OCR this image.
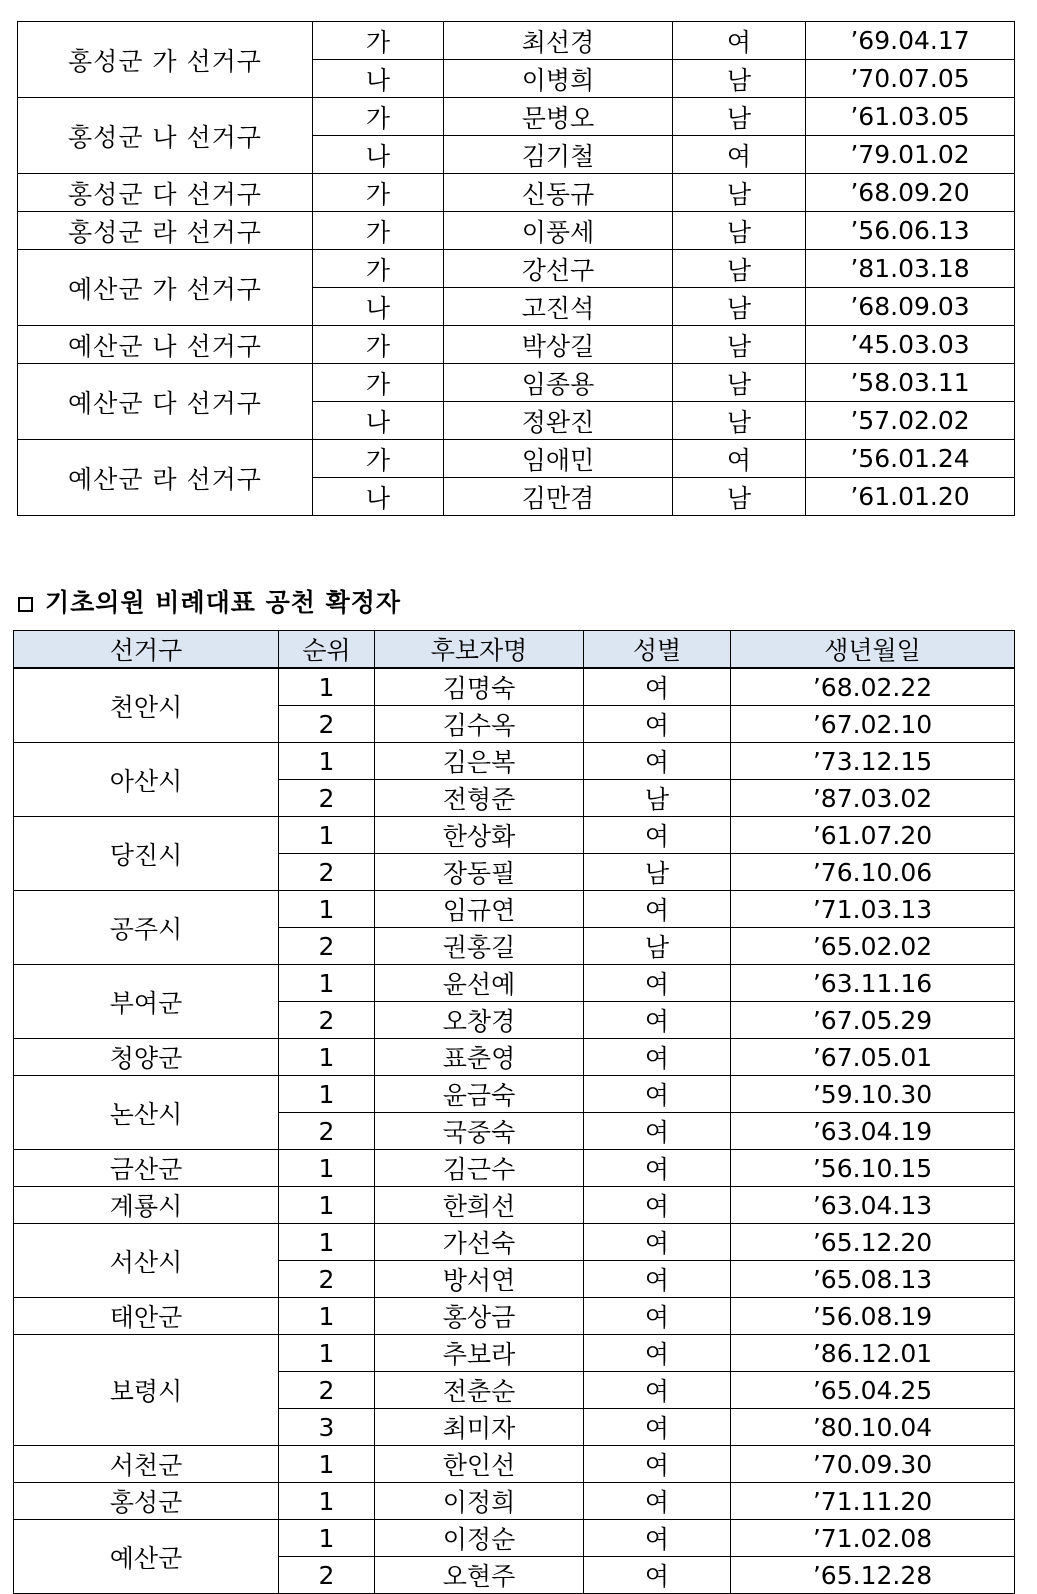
홍성군 가 선거구	가	최선경	여	’69.04.17
	나	이병희	남	’70.07.05
홍성군 나 선거구	가	문병오	남	’61.03.05
	나	김기철	여	’79.01.02
홍성군 다 선거구	가	신동규	남	’68.09.20
홍성군 라 선거구	가	이풍세	남	’56.06.13
예산군 가 선거구	가	강선구	남	’81.03.18
	나	고진석	남	’68.09.03
예산군 나 선거구	가	박상길	남	’45.03.03
예산군 다 선거구	가	임종용	남	’58.03.11
	나	정완진	남	’57.02.02
예산군 라 선거구	가	임애민	여	’56.01.24
	나	김만겸	남	’61.01.20
기초의원 비례대표 공천 확정자
선거구	순위	후보자명	성별	생년월일
천안시	1	김명숙	여	’68.02.22
	2	김수옥	여	’67.02.10
아산시	1	김은복	여	’73.12.15
	2	전형준	남	’87.03.02
당진시	1	한상화	여	’61.07.20
	2	장동필	남	’76.10.06
공주시	1	임규연	여	’71.03.13
	2	권홍길	남	’65.02.02
부여군	1	윤선예	여	’63.11.16
	2	오창경	여	’67.05.29
청양군	1	표춘영	여	’67.05.01
논산시	1	윤금숙	여	’59.10.30
	2	국중숙	여	’63.04.19
금산군	1	김근수	여	’56.10.15
계룡시	1	한희선	여	’63.04.13
서산시	1	가선숙	여	’65.12.20
	2	방서연	여	’65.08.13
태안군	1	홍상금	여	’56.08.19
보령시	1	추보라	여	’86.12.01
	2	전춘순	여	’65.04.25
	3	최미자	여	’80.10.04
서천군	1	한인선	여	’70.09.30
홍성군	1	이정희	여	’71.11.20
예산군	1	이정순	여	’71.02.08
	2	오현주	여	’65.12.28
